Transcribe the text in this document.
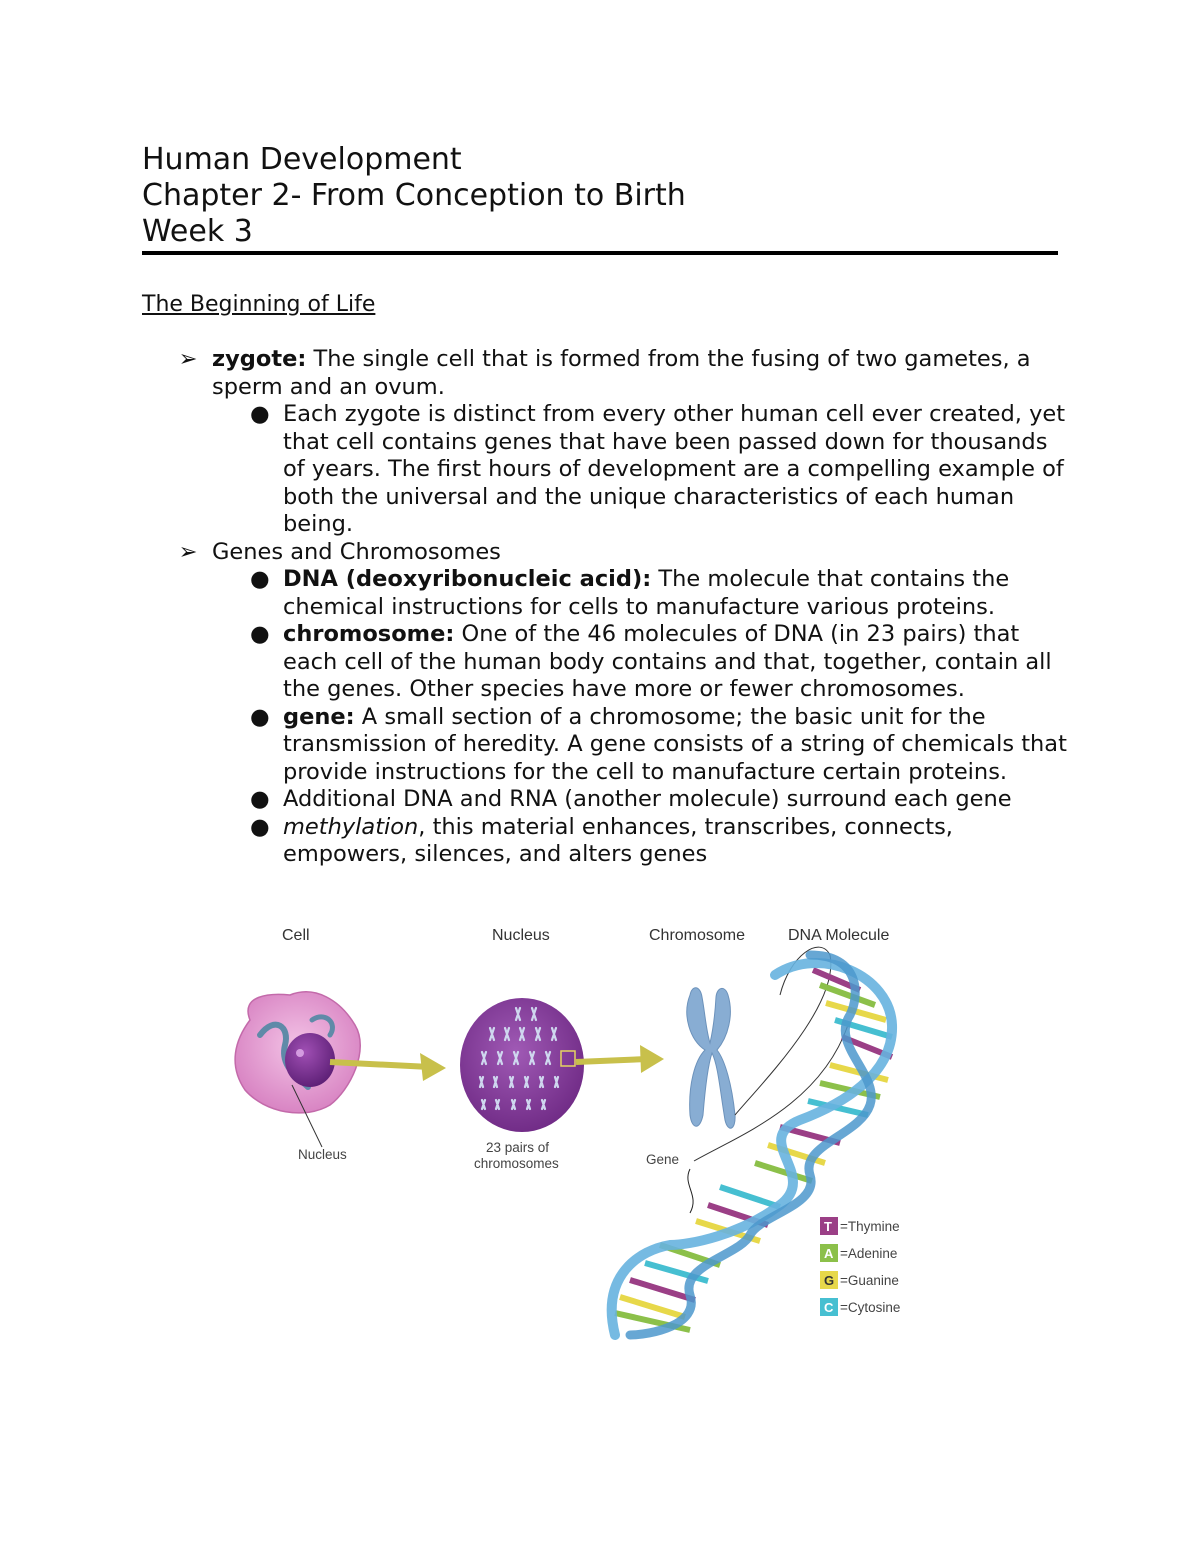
Human Development
Chapter 2- From Conception to Birth
Week 3
The Beginning of Life

➢ zygote: The single cell that is formed from the fusing of two gametes, a sperm and an ovum.

● Each zygote is distinct from every other human cell ever created, yet that cell contains genes that have been passed down for thousands of years. The first hours of development are a compelling example of both the universal and the unique characteristics of each human being.

➢ Genes and Chromosomes

● DNA (deoxyribonucleic acid): The molecule that contains the chemical instructions for cells to manufacture various proteins.

● chromosome: One of the 46 molecules of DNA (in 23 pairs) that each cell of the human body contains and that, together, contain all the genes. Other species have more or fewer chromosomes.

● gene: A small section of a chromosome; the basic unit for the transmission of heredity. A gene consists of a string of chemicals that provide instructions for the cell to manufacture certain proteins.

● Additional DNA and RNA (another molecule) surround each gene

● methylation, this material enhances, transcribes, connects, empowers, silences, and alters genes

Cell	Nucleus	Chromosome	DNA Molecule
Nucleus	23 pairs of
chromosomes	Gene
T =Thymine
A =Adenine
G =Guanine
C =Cytosine
